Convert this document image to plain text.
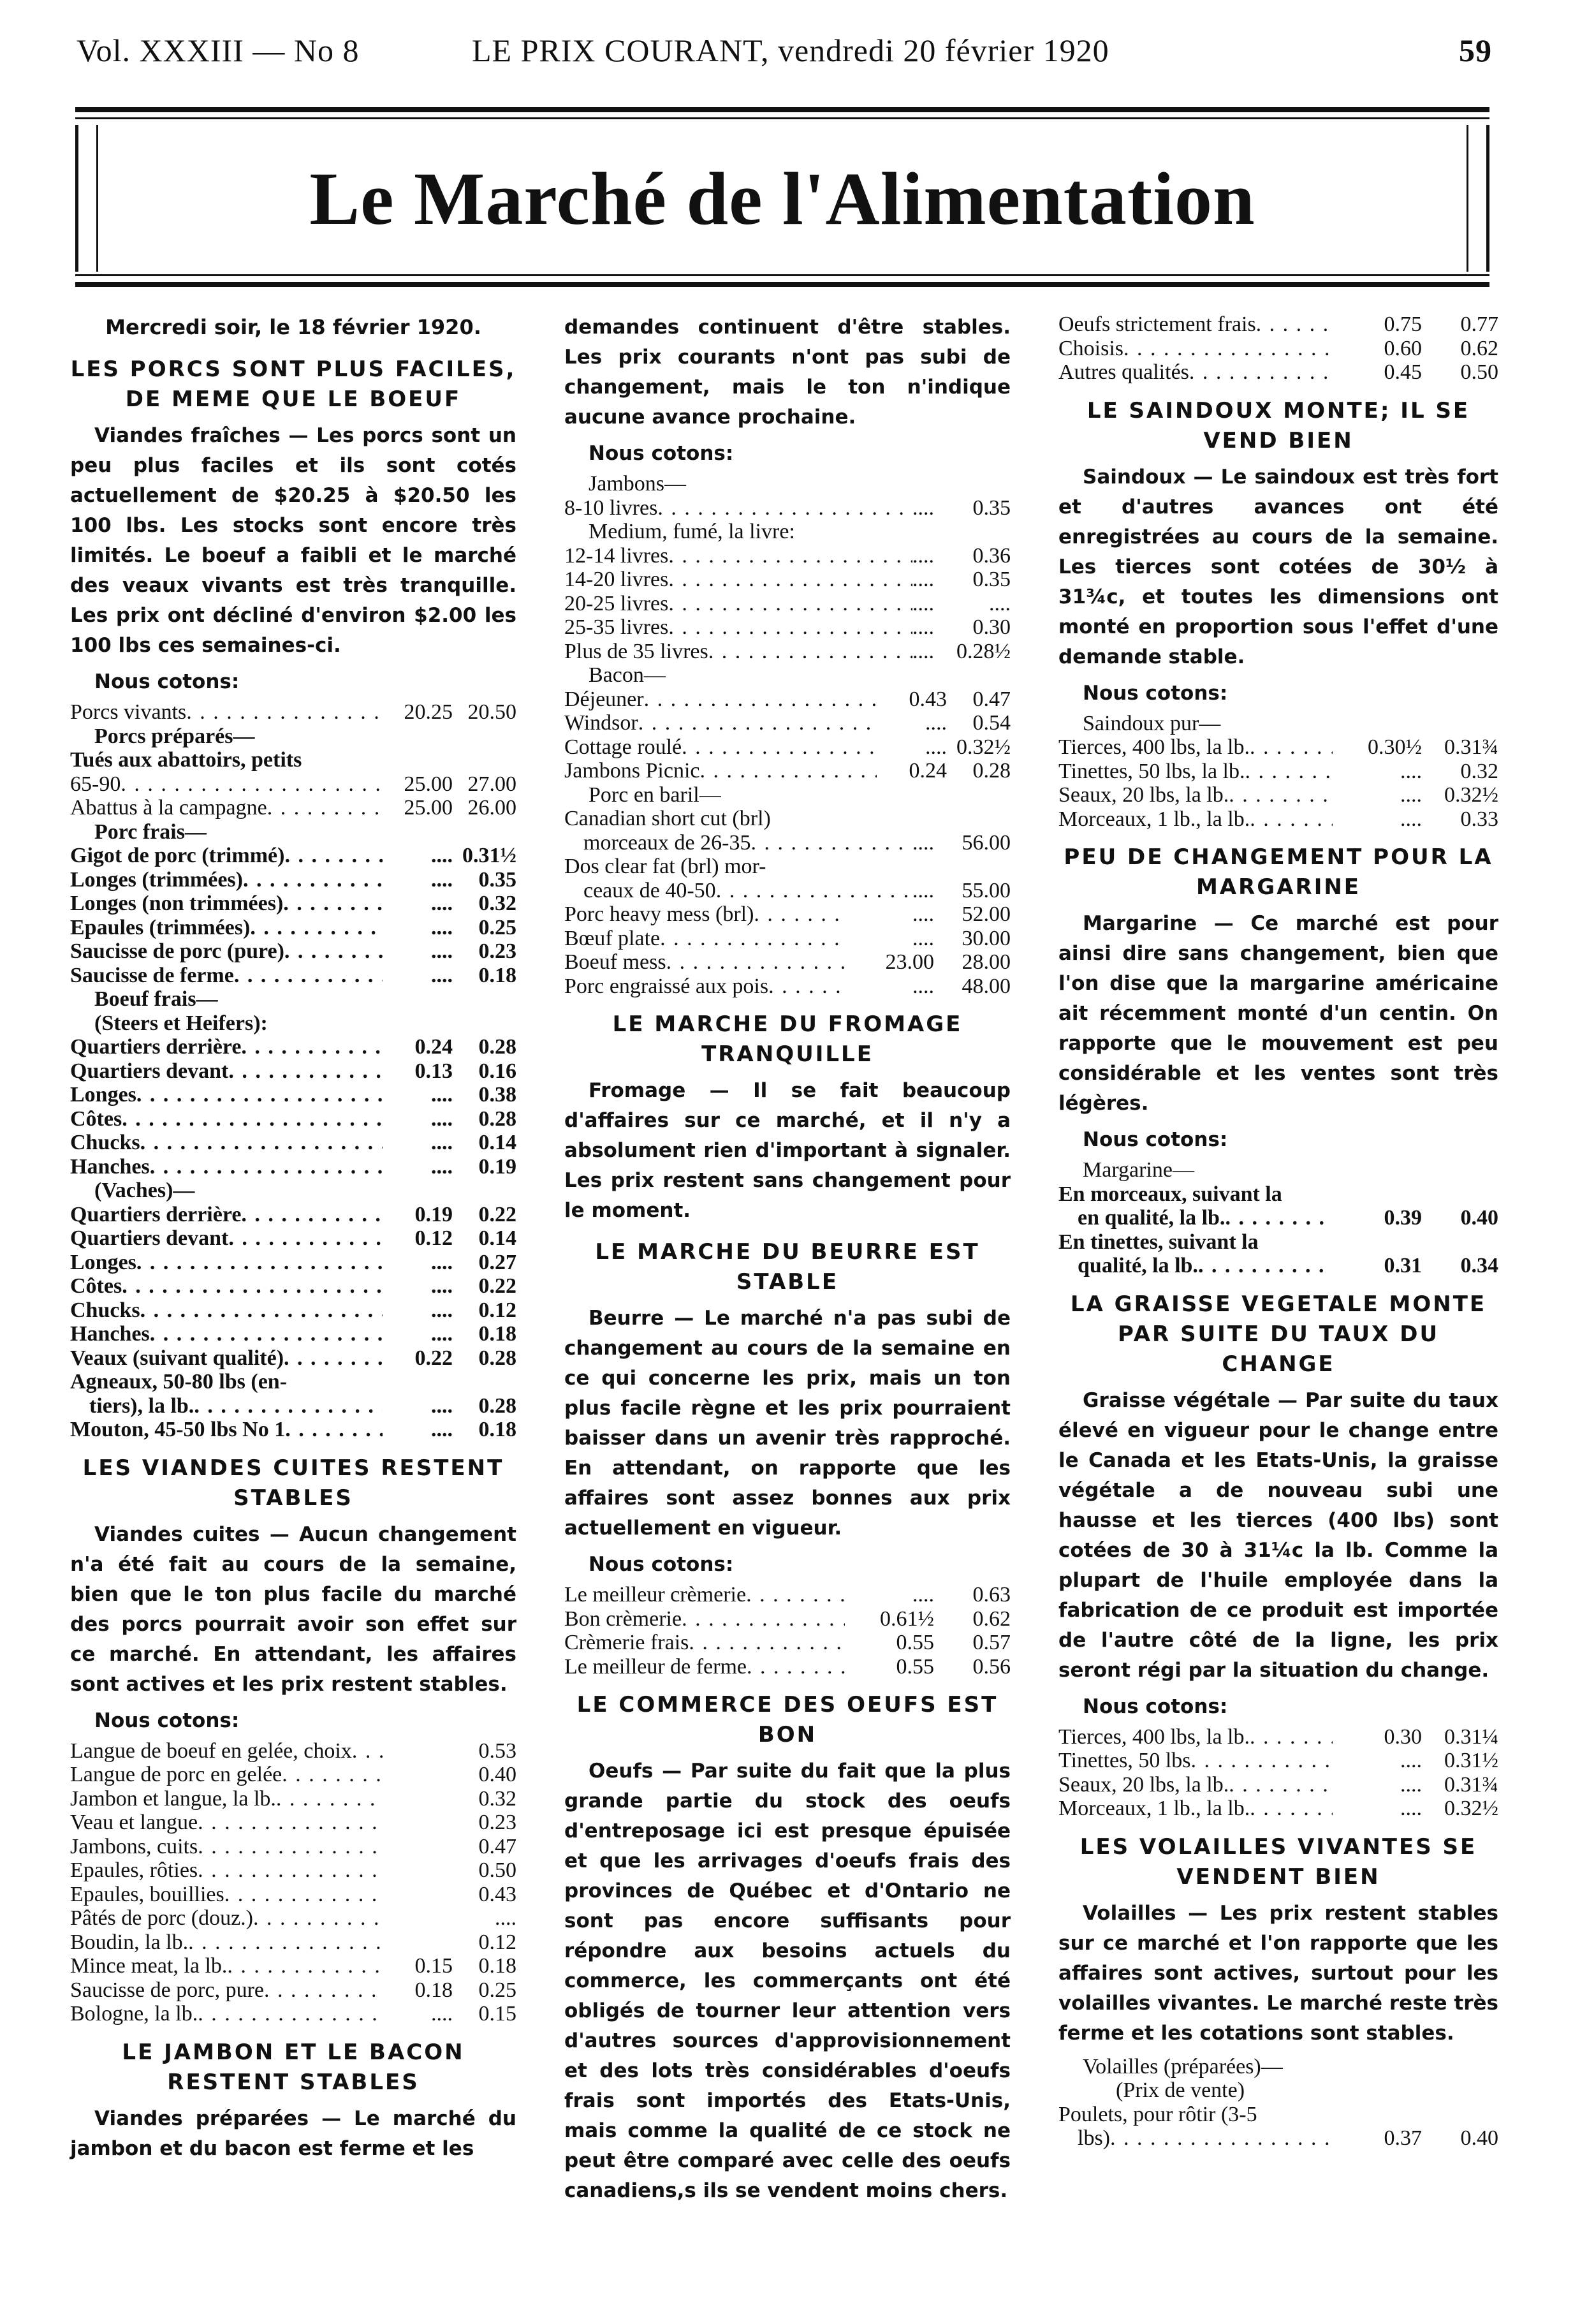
Vol. XXXIII — No 8	LE PRIX COURANT, vendredi 20 février 1920	59
Le Marché de l'Alimentation
Mercredi soir, le 18 février 1920.
LES PORCS SONT PLUS FACILES, DE MEME QUE LE BOEUF

Viandes fraîches — Les porcs sont un peu plus faciles et ils sont cotés actuellement de $20.25 à $20.50 les 100 lbs. Les stocks sont encore très limités. Le boeuf a faibli et le marché des veaux vivants est très tranquille. Les prix ont décliné d'environ $2.00 les 100 lbs ces semaines-ci.

Nous cotons:
Porcs vivants . . .	20.25 20.50
Porcs préparés—
Tués aux abattoirs, petits
65-90 . . .	25.00 27.00
Abattus à la campagne . . .	25.00 26.00
Porc frais—
Gigot de porc (trimmé) . . .	.... 0.31½
Longes (trimmées) . . .	....	0.35
Longes (non trimmées) . . .	....	0.32
Epaules (trimmées) . . .	....	0.25
Saucisse de porc (pure) . . .	....	0.23
Saucisse de ferme . . .	....	0.18
Boeuf frais—
(Steers et Heifers):
Quartiers derrière . . .	0.24	0.28
Quartiers devant . . .	0.13	0.16
Longes . . .	....	0.38
Côtes . . .	....	0.28
Chucks . . .	....	0.14
Hanches . . .	....	0.19
(Vaches)—
Quartiers derrière . . .	0.19	0.22
Quartiers devant . . .	0.12	0.14
Longes . . .	....	0.27
Côtes . . .	....	0.22
Chucks . . .	....	0.12
Hanches . . .	....	0.18
Veaux (suivant qualité) . . .	0.22	0.28
Agneaux, 50-80 lbs (en-
tiers), la lb. . . .	....	0.28
Mouton, 45-50 lbs No 1 . . .	....	0.18
LES VIANDES CUITES RESTENT STABLES

Viandes cuites — Aucun changement n'a été fait au cours de la semaine, bien que le ton plus facile du marché des porcs pourrait avoir son effet sur ce marché. En attendant, les affaires sont actives et les prix restent stables.

Nous cotons:
Langue de boeuf en gelée, choix . . .	0.53
Langue de porc en gelée . . .	0.40
Jambon et langue, la lb. . . .	0.32
Veau et langue . . .	0.23
Jambons, cuits . . .	0.47
Epaules, rôties . . .	0.50
Epaules, bouillies . . .	0.43
Pâtés de porc (douz.) . . .	....
Boudin, la lb. . . .	0.12
Mince meat, la lb. . . .	0.15	0.18
Saucisse de porc, pure . . .	0.18	0.25
Bologne, la lb. . . .	....	0.15
LE JAMBON ET LE BACON RESTENT STABLES

Viandes préparées — Le marché du jambon et du bacon est ferme et les

demandes continuent d'être stables. Les prix courants n'ont pas subi de changement, mais le ton n'indique aucune avance prochaine.

Nous cotons:
Jambons—
8-10 livres . . .	....	0.35
Medium, fumé, la livre:
12-14 livres . . .	....	0.36
14-20 livres . . .	....	0.35
20-25 livres . . .	....	....
25-35 livres . . .	....	0.30
Plus de 35 livres . . .	....	0.28½
Bacon—
Déjeuner . . .	0.43	0.47
Windsor . . .	....	0.54
Cottage roulé . . .	.... 0.32½
Jambons Picnic . . .	0.24	0.28
Porc en baril—
Canadian short cut (brl)
morceaux de 26-35 . . .	....	56.00
Dos clear fat (brl) mor-
ceaux de 40-50 . . .	....	55.00
Porc heavy mess (brl) . . .	....	52.00
Bœuf plate . . .	....	30.00
Boeuf mess . . .	23.00	28.00
Porc engraissé aux pois . . .	....	48.00
LE MARCHE DU FROMAGE TRANQUILLE

Fromage — Il se fait beaucoup d'affaires sur ce marché, et il n'y a absolument rien d'important à signaler. Les prix restent sans changement pour le moment.

LE MARCHE DU BEURRE EST STABLE

Beurre — Le marché n'a pas subi de changement au cours de la semaine en ce qui concerne les prix, mais un ton plus facile règne et les prix pourraient baisser dans un avenir très rapproché. En attendant, on rapporte que les affaires sont assez bonnes aux prix actuellement en vigueur.

Nous cotons:
Le meilleur crèmerie . . .	....	0.63
Bon crèmerie . . .	0.61½	0.62
Crèmerie frais . . .	0.55	0.57
Le meilleur de ferme . . .	0.55	0.56
LE COMMERCE DES OEUFS EST BON

Oeufs — Par suite du fait que la plus grande partie du stock des oeufs d'entreposage ici est presque épuisée et que les arrivages d'oeufs frais des provinces de Québec et d'Ontario ne sont pas encore suffisants pour répondre aux besoins actuels du commerce, les commerçants ont été obligés de tourner leur attention vers d'autres sources d'approvisionnement et des lots très considérables d'oeufs frais sont importés des Etats-Unis, mais comme la qualité de ce stock ne peut être comparé avec celle des oeufs canadiens,s ils se vendent moins chers.

Oeufs strictement frais . . .	0.75	0.77
Choisis . . .	0.60	0.62
Autres qualités . . .	0.45	0.50
LE SAINDOUX MONTE; IL SE VEND BIEN

Saindoux — Le saindoux est très fort et d'autres avances ont été enregistrées au cours de la semaine. Les tierces sont cotées de 30½ à 31¾c, et toutes les dimensions ont monté en proportion sous l'effet d'une demande stable.

Nous cotons:
Saindoux pur—
Tierces, 400 lbs, la lb. . . .	0.30½	0.31¾
Tinettes, 50 lbs, la lb. . . .	....	0.32
Seaux, 20 lbs, la lb. . . .	....	0.32½
Morceaux, 1 lb., la lb. . . .	....	0.33
PEU DE CHANGEMENT POUR LA MARGARINE

Margarine — Ce marché est pour ainsi dire sans changement, bien que l'on dise que la margarine américaine ait récemment monté d'un centin. On rapporte que le mouvement est peu considérable et les ventes sont très légères.

Nous cotons:
Margarine—
En morceaux, suivant la
en qualité, la lb. . . .	0.39	0.40
En tinettes, suivant la
qualité, la lb. . . .	0.31	0.34
LA GRAISSE VEGETALE MONTE PAR SUITE DU TAUX DU CHANGE

Graisse végétale — Par suite du taux élevé en vigueur pour le change entre le Canada et les Etats-Unis, la graisse végétale a de nouveau subi une hausse et les tierces (400 lbs) sont cotées de 30 à 31¼c la lb. Comme la plupart de l'huile employée dans la fabrication de ce produit est importée de l'autre côté de la ligne, les prix seront régi par la situation du change.

Nous cotons:
Tierces, 400 lbs, la lb. . . .	0.30	0.31¼
Tinettes, 50 lbs . . .	....	0.31½
Seaux, 20 lbs, la lb. . . .	....	0.31¾
Morceaux, 1 lb., la lb. . . .	....	0.32½
LES VOLAILLES VIVANTES SE VENDENT BIEN

Volailles — Les prix restent stables sur ce marché et l'on rapporte que les affaires sont actives, surtout pour les volailles vivantes. Le marché reste très ferme et les cotations sont stables.

Volailles (préparées)—
(Prix de vente)
Poulets, pour rôtir (3-5
lbs) . . .	0.37	0.40
